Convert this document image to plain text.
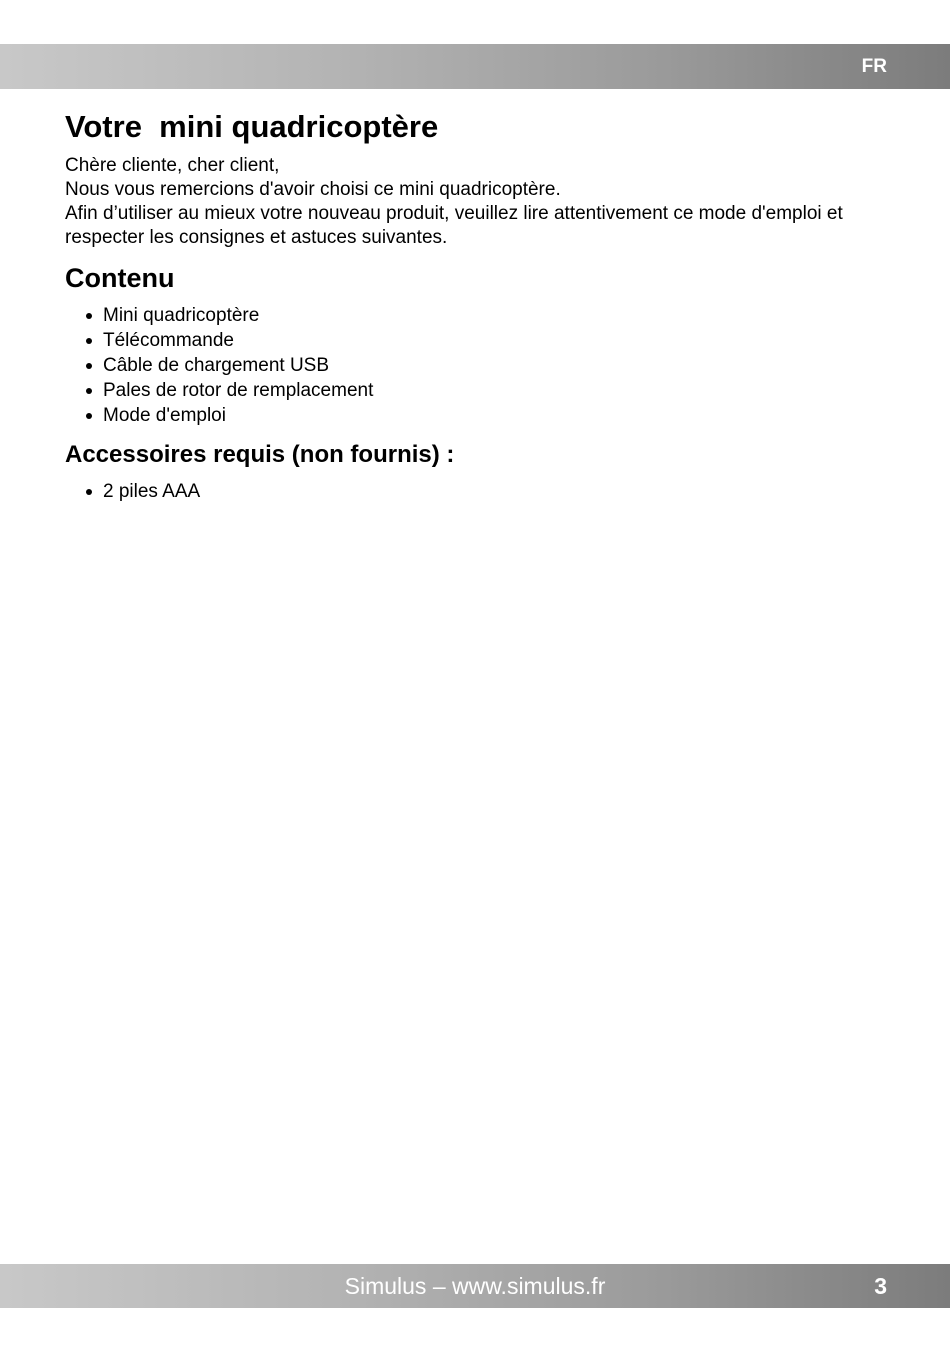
FR
Votre  mini quadricoptère

Chère cliente, cher client,

Nous vous remercions d'avoir choisi ce mini quadricoptère.

Afin d’utiliser au mieux votre nouveau produit, veuillez lire attentivement ce mode d'emploi et respecter les consignes et astuces suivantes.

Contenu
Mini quadricoptère
Télécommande
Câble de chargement USB
Pales de rotor de remplacement
Mode d'emploi
Accessoires requis (non fournis) :
2 piles AAA
Simulus – www.simulus.fr	3
